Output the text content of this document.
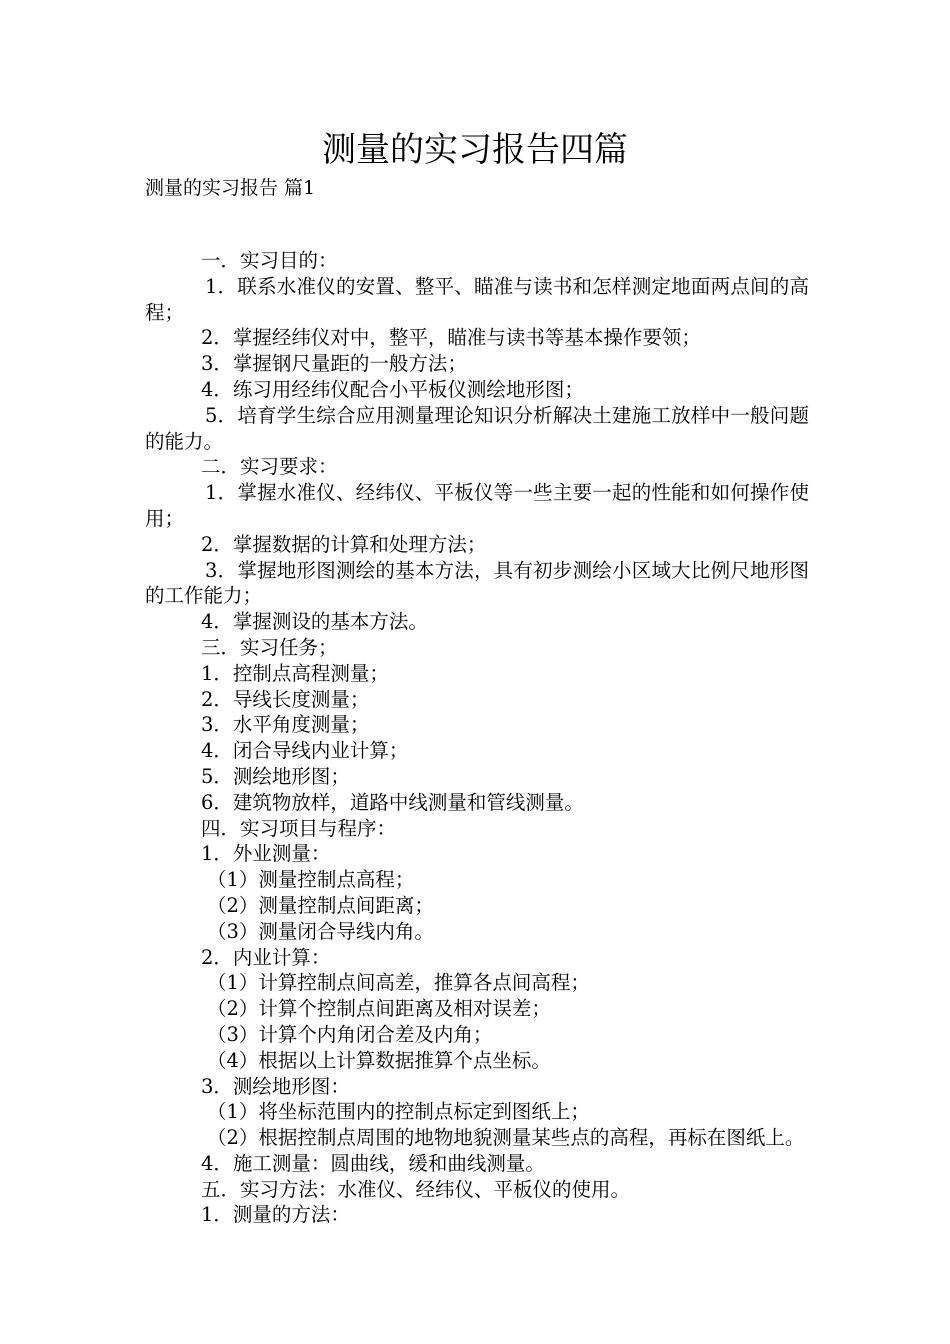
测量的实习报告四篇
测量的实习报告 篇1

一．实习目的：

1．联系水准仪的安置、整平、瞄准与读书和怎样测定地面两点间的高程；

2．掌握经纬仪对中，整平，瞄准与读书等基本操作要领；

3．掌握钢尺量距的一般方法；

4．练习用经纬仪配合小平板仪测绘地形图；

5．培育学生综合应用测量理论知识分析解决土建施工放样中一般问题的能力。

二．实习要求：

1．掌握水准仪、经纬仪、平板仪等一些主要一起的性能和如何操作使用；

2．掌握数据的计算和处理方法；

3．掌握地形图测绘的基本方法，具有初步测绘小区域大比例尺地形图的工作能力；

4．掌握测设的基本方法。

三．实习任务；

1．控制点高程测量；

2．导线长度测量；

3．水平角度测量；

4．闭合导线内业计算；

5．测绘地形图；

6．建筑物放样，道路中线测量和管线测量。

四．实习项目与程序：

1．外业测量：

（1）测量控制点高程；

（2）测量控制点间距离；

（3）测量闭合导线内角。

2．内业计算：

（1）计算控制点间高差，推算各点间高程；

（2）计算个控制点间距离及相对误差；

（3）计算个内角闭合差及内角；

（4）根据以上计算数据推算个点坐标。

3．测绘地形图：

（1）将坐标范围内的控制点标定到图纸上；

（2）根据控制点周围的地物地貌测量某些点的高程，再标在图纸上。

4．施工测量：圆曲线，缓和曲线测量。

五．实习方法：水准仪、经纬仪、平板仪的使用。

1．测量的方法：
